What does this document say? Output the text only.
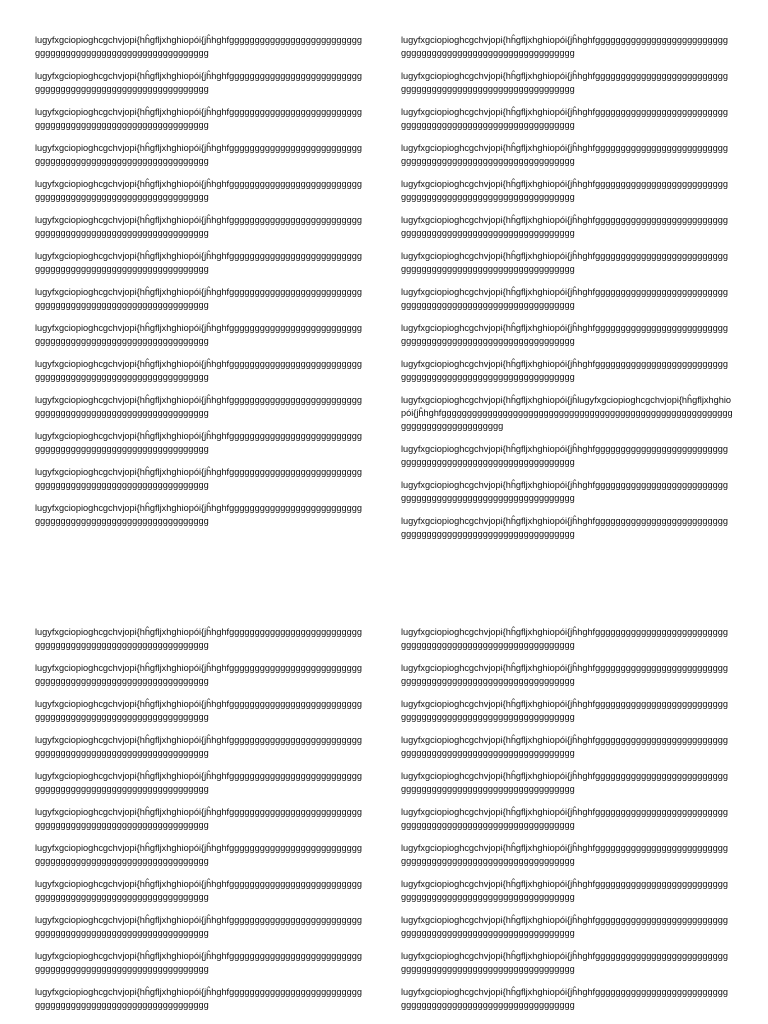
lugyfxgciopioghcgchvjopi{hĥgfljxhghiopói{jĥhghfgggggggggggggggggggggggggggggggggggggggggggggggggggggggggggg

lugyfxgciopioghcgchvjopi{hĥgfljxhghiopói{jĥhghfgggggggggggggggggggggggggggggggggggggggggggggggggggggggggggg

lugyfxgciopioghcgchvjopi{hĥgfljxhghiopói{jĥhghfgggggggggggggggggggggggggggggggggggggggggggggggggggggggggggg

lugyfxgciopioghcgchvjopi{hĥgfljxhghiopói{jĥhghfgggggggggggggggggggggggggggggggggggggggggggggggggggggggggggg

lugyfxgciopioghcgchvjopi{hĥgfljxhghiopói{jĥhghfgggggggggggggggggggggggggggggggggggggggggggggggggggggggggggg

lugyfxgciopioghcgchvjopi{hĥgfljxhghiopói{jĥhghfgggggggggggggggggggggggggggggggggggggggggggggggggggggggggggg

lugyfxgciopioghcgchvjopi{hĥgfljxhghiopói{jĥhghfgggggggggggggggggggggggggggggggggggggggggggggggggggggggggggg

lugyfxgciopioghcgchvjopi{hĥgfljxhghiopói{jĥhghfgggggggggggggggggggggggggggggggggggggggggggggggggggggggggggg

lugyfxgciopioghcgchvjopi{hĥgfljxhghiopói{jĥhghfgggggggggggggggggggggggggggggggggggggggggggggggggggggggggggg

lugyfxgciopioghcgchvjopi{hĥgfljxhghiopói{jĥhghfgggggggggggggggggggggggggggggggggggggggggggggggggggggggggggg

lugyfxgciopioghcgchvjopi{hĥgfljxhghiopói{jĥhghfgggggggggggggggggggggggggggggggggggggggggggggggggggggggggggg

lugyfxgciopioghcgchvjopi{hĥgfljxhghiopói{jĥhghfgggggggggggggggggggggggggggggggggggggggggggggggggggggggggggg

lugyfxgciopioghcgchvjopi{hĥgfljxhghiopói{jĥhghfgggggggggggggggggggggggggggggggggggggggggggggggggggggggggggg

lugyfxgciopioghcgchvjopi{hĥgfljxhghiopói{jĥhghfgggggggggggggggggggggggggggggggggggggggggggggggggggggggggggg

lugyfxgciopioghcgchvjopi{hĥgfljxhghiopói{jĥhghfgggggggggggggggggggggggggggggggggggggggggggggggggggggggggggg

lugyfxgciopioghcgchvjopi{hĥgfljxhghiopói{jĥhghfgggggggggggggggggggggggggggggggggggggggggggggggggggggggggggg

lugyfxgciopioghcgchvjopi{hĥgfljxhghiopói{jĥhghfgggggggggggggggggggggggggggggggggggggggggggggggggggggggggggg

lugyfxgciopioghcgchvjopi{hĥgfljxhghiopói{jĥhghfgggggggggggggggggggggggggggggggggggggggggggggggggggggggggggg

lugyfxgciopioghcgchvjopi{hĥgfljxhghiopói{jĥhghfgggggggggggggggggggggggggggggggggggggggggggggggggggggggggggg

lugyfxgciopioghcgchvjopi{hĥgfljxhghiopói{jĥhghfgggggggggggggggggggggggggggggggggggggggggggggggggggggggggggg

lugyfxgciopioghcgchvjopi{hĥgfljxhghiopói{jĥhghfgggggggggggggggggggggggggggggggggggggggggggggggggggggggggggg

lugyfxgciopioghcgchvjopi{hĥgfljxhghiopói{jĥhghfgggggggggggggggggggggggggggggggggggggggggggggggggggggggggggg

lugyfxgciopioghcgchvjopi{hĥgfljxhghiopói{jĥhghfgggggggggggggggggggggggggggggggggggggggggggggggggggggggggggg

lugyfxgciopioghcgchvjopi{hĥgfljxhghiopói{jĥhghfgggggggggggggggggggggggggggggggggggggggggggggggggggggggggggg

lugyfxgciopioghcgchvjopi{hĥgfljxhghiopói{jĥlugyfxgciopioghcgchvjopi{hĥgfljxhghiopói{jĥhghfggggggggggggggggggggggggggggggggggggggggggggggggggggggggggggggggggggggggggggg

lugyfxgciopioghcgchvjopi{hĥgfljxhghiopói{jĥhghfgggggggggggggggggggggggggggggggggggggggggggggggggggggggggggg

lugyfxgciopioghcgchvjopi{hĥgfljxhghiopói{jĥhghfgggggggggggggggggggggggggggggggggggggggggggggggggggggggggggg

lugyfxgciopioghcgchvjopi{hĥgfljxhghiopói{jĥhghfgggggggggggggggggggggggggggggggggggggggggggggggggggggggggggg

lugyfxgciopioghcgchvjopi{hĥgfljxhghiopói{jĥhghfgggggggggggggggggggggggggggggggggggggggggggggggggggggggggggg

lugyfxgciopioghcgchvjopi{hĥgfljxhghiopói{jĥhghfgggggggggggggggggggggggggggggggggggggggggggggggggggggggggggg

lugyfxgciopioghcgchvjopi{hĥgfljxhghiopói{jĥhghfgggggggggggggggggggggggggggggggggggggggggggggggggggggggggggg

lugyfxgciopioghcgchvjopi{hĥgfljxhghiopói{jĥhghfgggggggggggggggggggggggggggggggggggggggggggggggggggggggggggg

lugyfxgciopioghcgchvjopi{hĥgfljxhghiopói{jĥhghfgggggggggggggggggggggggggggggggggggggggggggggggggggggggggggg

lugyfxgciopioghcgchvjopi{hĥgfljxhghiopói{jĥhghfgggggggggggggggggggggggggggggggggggggggggggggggggggggggggggg

lugyfxgciopioghcgchvjopi{hĥgfljxhghiopói{jĥhghfgggggggggggggggggggggggggggggggggggggggggggggggggggggggggggg

lugyfxgciopioghcgchvjopi{hĥgfljxhghiopói{jĥhghfgggggggggggggggggggggggggggggggggggggggggggggggggggggggggggg

lugyfxgciopioghcgchvjopi{hĥgfljxhghiopói{jĥhghfgggggggggggggggggggggggggggggggggggggggggggggggggggggggggggg

lugyfxgciopioghcgchvjopi{hĥgfljxhghiopói{jĥhghfgggggggggggggggggggggggggggggggggggggggggggggggggggggggggggg

lugyfxgciopioghcgchvjopi{hĥgfljxhghiopói{jĥhghfgggggggggggggggggggggggggggggggggggggggggggggggggggggggggggg

lugyfxgciopioghcgchvjopi{hĥgfljxhghiopói{jĥhghfgggggggggggggggggggggggggggggggggggggggggggggggggggggggggggg

lugyfxgciopioghcgchvjopi{hĥgfljxhghiopói{jĥhghfgggggggggggggggggggggggggggggggggggggggggggggggggggggggggggg

lugyfxgciopioghcgchvjopi{hĥgfljxhghiopói{jĥhghfgggggggggggggggggggggggggggggggggggggggggggggggggggggggggggg

lugyfxgciopioghcgchvjopi{hĥgfljxhghiopói{jĥhghfgggggggggggggggggggggggggggggggggggggggggggggggggggggggggggg

lugyfxgciopioghcgchvjopi{hĥgfljxhghiopói{jĥhghfgggggggggggggggggggggggggggggggggggggggggggggggggggggggggggg

lugyfxgciopioghcgchvjopi{hĥgfljxhghiopói{jĥhghfgggggggggggggggggggggggggggggggggggggggggggggggggggggggggggg

lugyfxgciopioghcgchvjopi{hĥgfljxhghiopói{jĥhghfgggggggggggggggggggggggggggggggggggggggggggggggggggggggggggg

lugyfxgciopioghcgchvjopi{hĥgfljxhghiopói{jĥhghfgggggggggggggggggggggggggggggggggggggggggggggggggggggggggggg

lugyfxgciopioghcgchvjopi{hĥgfljxhghiopói{jĥhghfgggggggggggggggggggggggggggggggggggggggggggggggggggggggggggg

lugyfxgciopioghcgchvjopi{hĥgfljxhghiopói{jĥhghfgggggggggggggggggggggggggggggggggggggggggggggggggggggggggggg

lugyfxgciopioghcgchvjopi{hĥgfljxhghiopói{jĥhghfgggggggggggggggggggggggggggggggggggggggggggggggggggggggggggg
